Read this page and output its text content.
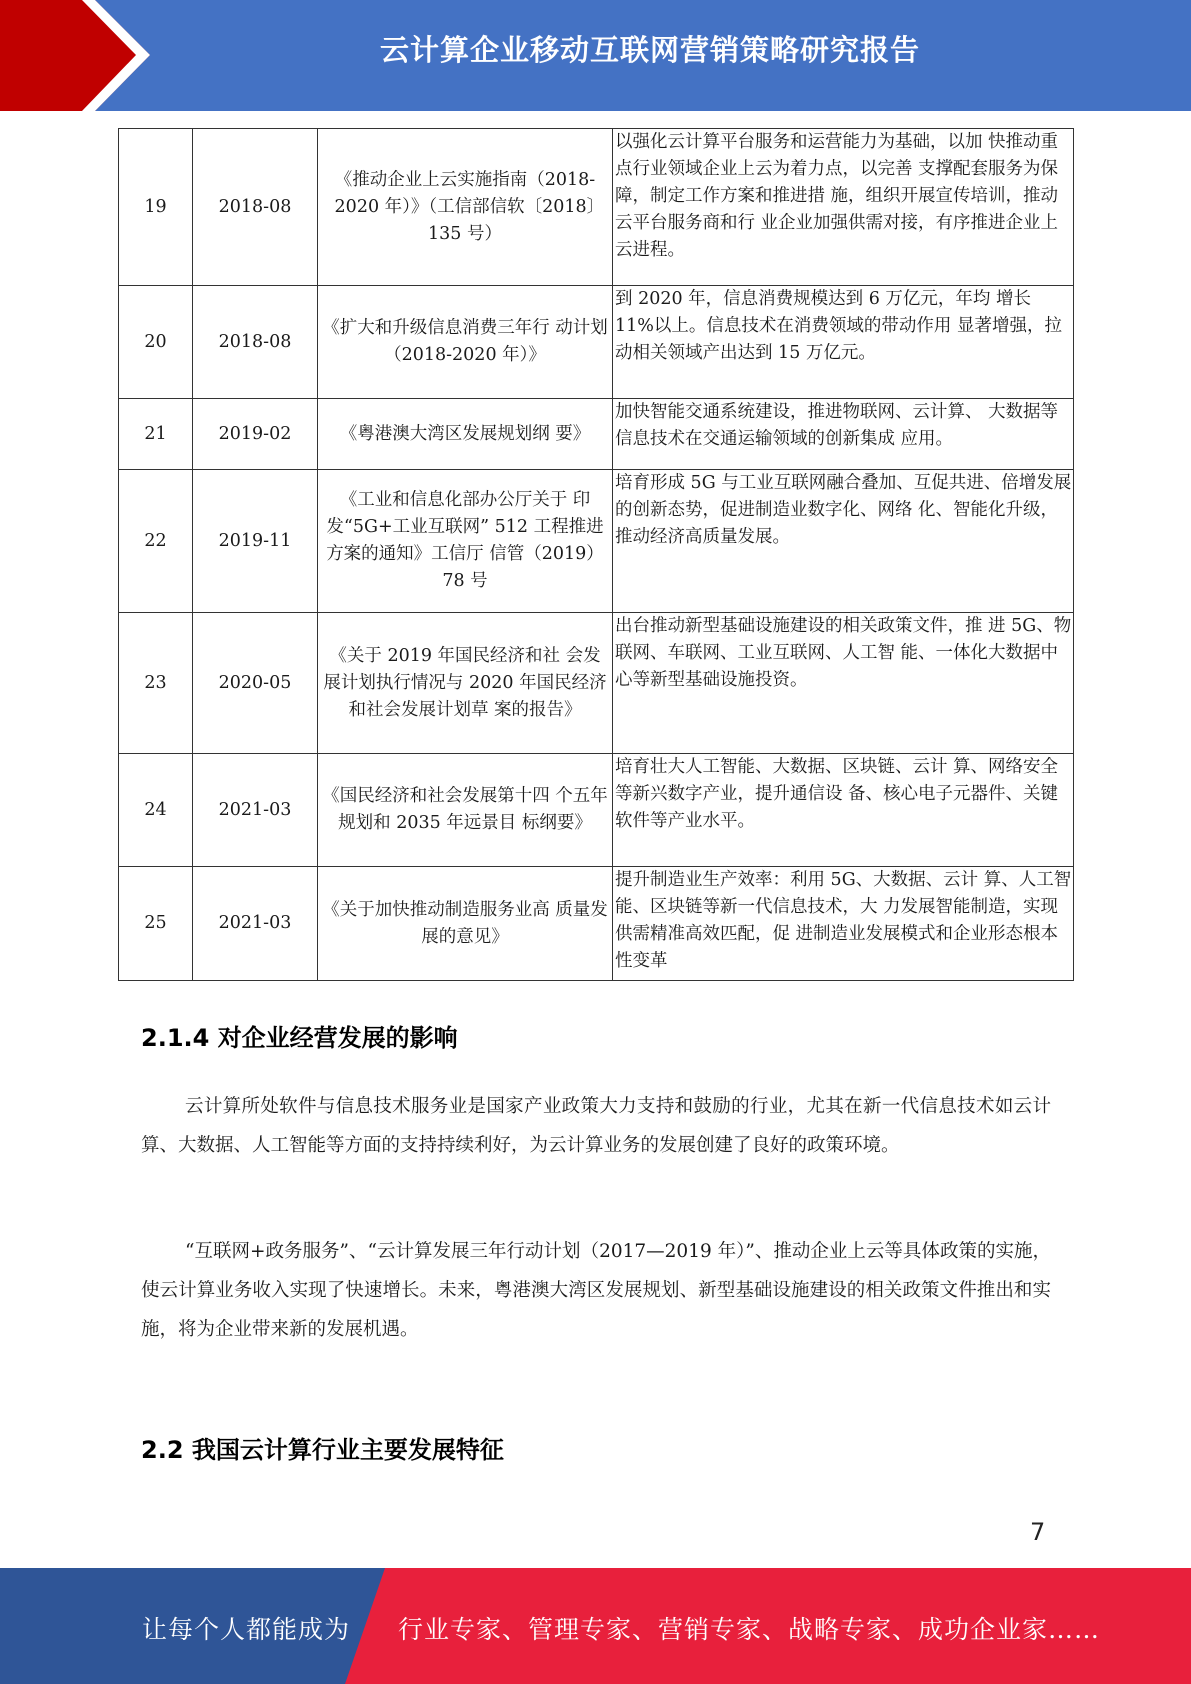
云计算企业移动互联网营销策略研究报告
19	2018-08	《推动企业上云实施指南（2018-2020 年）》（工信部信软〔2018〕　135 号）	以强化云计算平台服务和运营能力为基础，以加 快推动重点行业领域企业上云为着力点，以完善 支撑配套服务为保障，制定工作方案和推进措 施，组织开展宣传培训，推动云平台服务商和行 业企业加强供需对接，有序推进企业上云进程。
20	2018-08	《扩大和升级信息消费三年行 动计划（2018-2020 年）》	到 2020 年，信息消费规模达到 6 万亿元，年均 增长 11%以上。信息技术在消费领域的带动作用 显著增强，拉动相关领域产出达到 15 万亿元。
21	2019-02	《粤港澳大湾区发展规划纲 要》	加快智能交通系统建设，推进物联网、云计算、 大数据等信息技术在交通运输领域的创新集成 应用。
22	2019-11	《工业和信息化部办公厅关于 印发“5G+工业互联网” 512 工程推进方案的通知》工信厅 信管（2019） 78 号	培育形成 5G 与工业互联网融合叠加、互促共进、倍增发展的创新态势，促进制造业数字化、网络 化、智能化升级，推动经济高质量发展。
23	2020-05	《关于 2019 年国民经济和社 会发展计划执行情况与 2020 年国民经济和社会发展计划草 案的报告》	出台推动新型基础设施建设的相关政策文件，推 进 5G、物联网、车联网、工业互联网、人工智 能、一体化大数据中心等新型基础设施投资。
24	2021-03	《国民经济和社会发展第十四 个五年规划和 2035 年远景目 标纲要》	培育壮大人工智能、大数据、区块链、云计 算、网络安全等新兴数字产业，提升通信设 备、核心电子元器件、关键软件等产业水平。
25	2021-03	《关于加快推动制造服务业高 质量发展的意见》	提升制造业生产效率：利用 5G、大数据、云计 算、人工智能、区块链等新一代信息技术，大 力发展智能制造，实现供需精准高效匹配，促 进制造业发展模式和企业形态根本性变革
2.1.4 对企业经营发展的影响

云计算所处软件与信息技术服务业是国家产业政策大力支持和鼓励的行业，尤其在新一代信息技术如云计算、大数据、人工智能等方面的支持持续利好，为云计算业务的发展创建了良好的政策环境。

“互联网+政务服务”、“云计算发展三年行动计划（2017—2019 年）”、推动企业上云等具体政策的实施，使云计算业务收入实现了快速增长。未来，粤港澳大湾区发展规划、新型基础设施建设的相关政策文件推出和实施，将为企业带来新的发展机遇。

2.2 我国云计算行业主要发展特征
7
让每个人都能成为 行业专家、管理专家、营销专家、战略专家、成功企业家……
